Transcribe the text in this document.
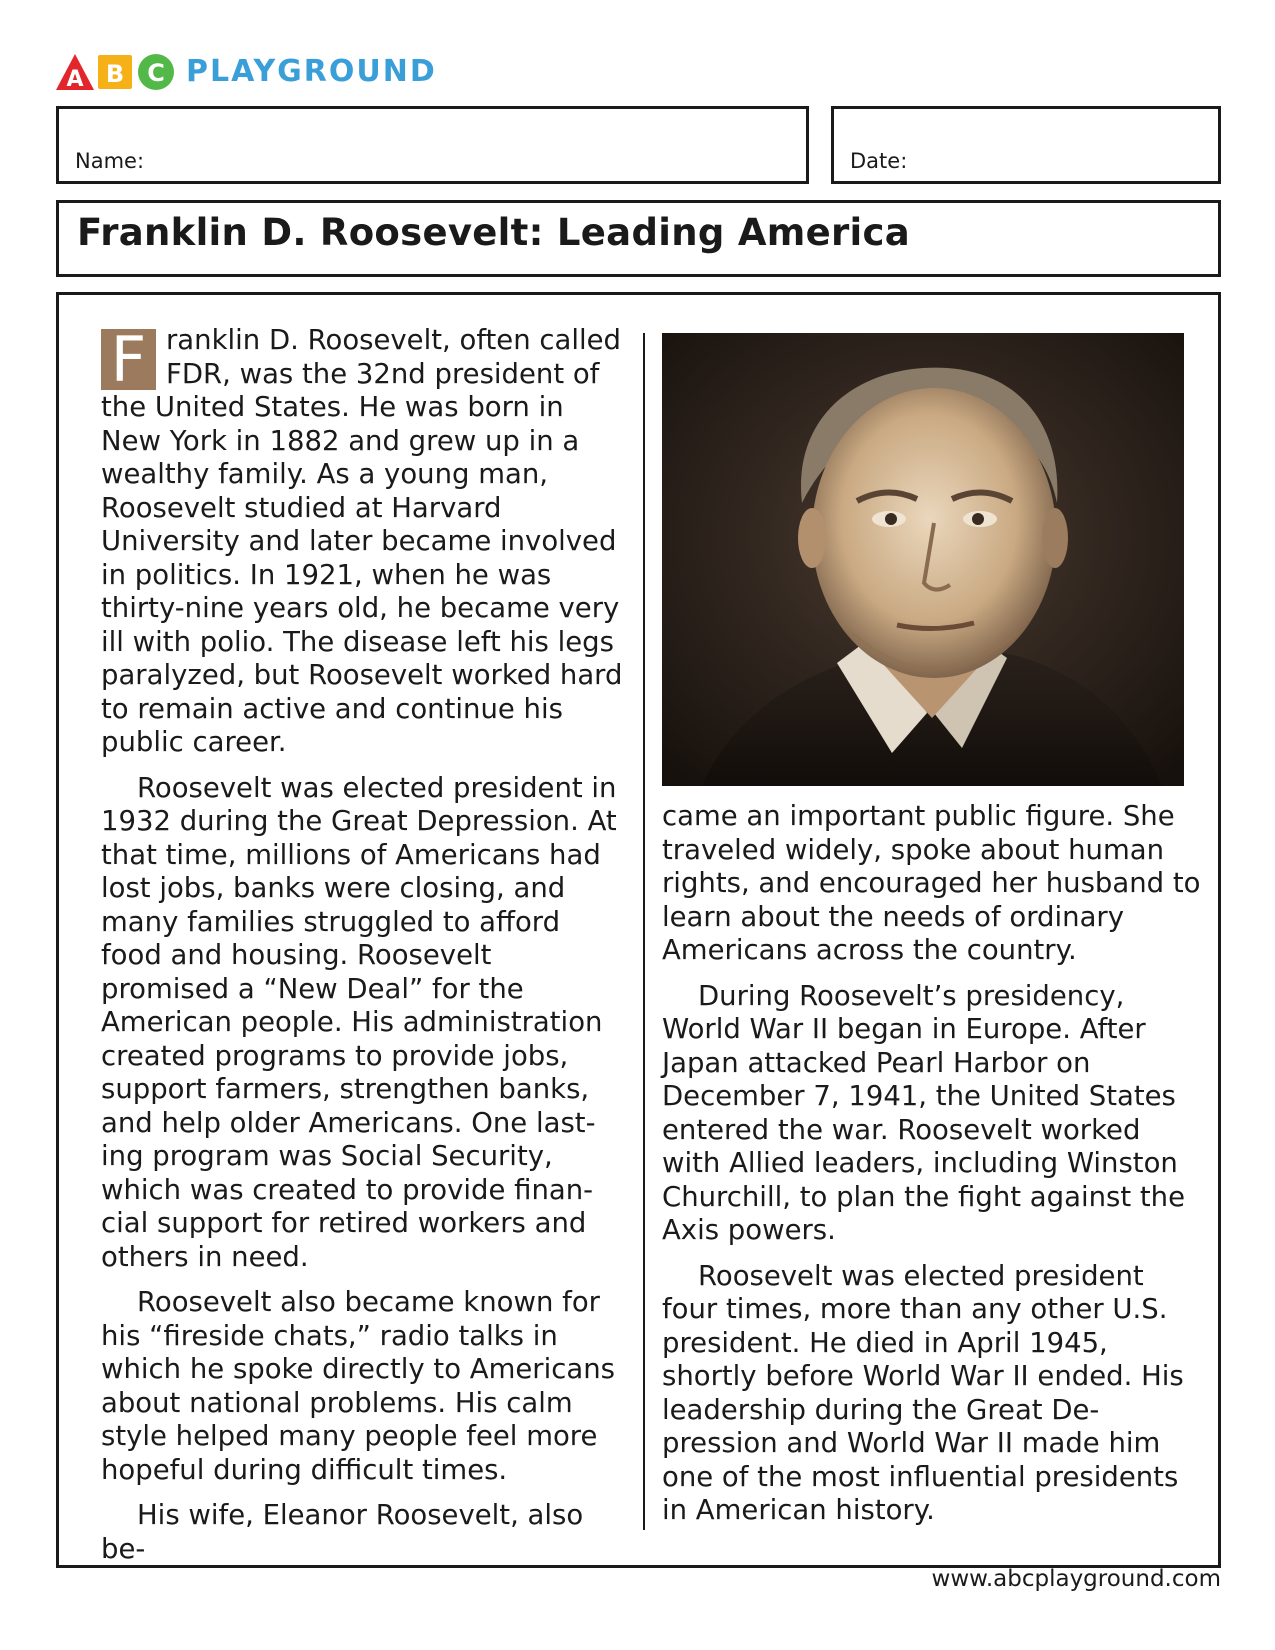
A B C PLAYGROUND
Name:	Date:
Franklin D. Roosevelt: Leading America

F ranklin D. Roosevelt, often called FDR, was the 32nd president of the United States. He was born in New York in 1882 and grew up in a wealthy family. As a young man, Roosevelt studied at Harvard University and later became involved in politics. In 1921, when he was thirty-nine years old, he became very ill with polio. The disease left his legs paralyzed, but Roosevelt worked hard to remain active and continue his public career.

Roosevelt was elected president in 1932 during the Great Depression. At that time, millions of Americans had lost jobs, banks were closing, and many families struggled to afford food and housing. Roosevelt promised a “New Deal” for the American people. His administration created programs to provide jobs, support farmers, strengthen banks, and help older Americans. One lasting program was Social Security, which was created to provide financial support for retired workers and others in need.

Roosevelt also became known for his “fireside chats,” radio talks in which he spoke directly to Americans about national problems. His calm style helped many people feel more hopeful during difficult times.

His wife, Eleanor Roosevelt, also be-

came an important public figure. She traveled widely, spoke about human rights, and encouraged her husband to learn about the needs of ordinary Americans across the country.

During Roosevelt’s presidency, World War II began in Europe. After Japan attacked Pearl Harbor on December 7, 1941, the United States entered the war. Roosevelt worked with Allied leaders, including Winston Churchill, to plan the fight against the Axis powers.

Roosevelt was elected president four times, more than any other U.S. president. He died in April 1945, shortly before World War II ended. His leadership during the Great Depression and World War II made him one of the most influential presidents in American history.

www.abcplayground.com
